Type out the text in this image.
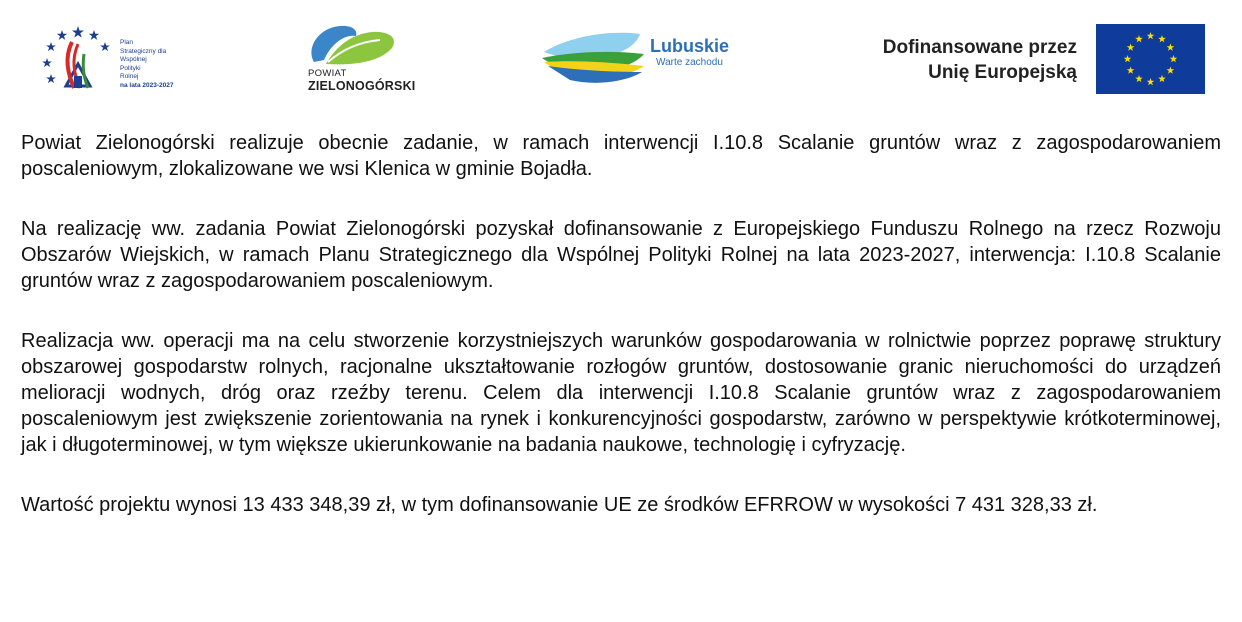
Plan
Strategiczny dla
Wspólnej
Polityki
Rolnej
na lata 2023-2027
POWIAT
ZIELONOGÓRSKI
Lubuskie
Warte zachodu
Dofinansowane przez
Unię Europejską

Powiat Zielonogórski realizuje obecnie zadanie, w ramach interwencji I.10.8 Scalanie gruntów wraz z zagospodarowaniem poscaleniowym, zlokalizowane we wsi Klenica w gminie Bojadła.

Na realizację ww. zadania Powiat Zielonogórski pozyskał dofinansowanie z Europejskiego Funduszu Rolnego na rzecz Rozwoju Obszarów Wiejskich, w ramach Planu Strategicznego dla Wspólnej Polityki Rolnej na lata 2023-2027, interwencja: I.10.8 Scalanie gruntów wraz z zagospodarowaniem poscaleniowym.

Realizacja ww. operacji ma na celu stworzenie korzystniejszych warunków gospodarowania w rolnictwie poprzez poprawę struktury obszarowej gospodarstw rolnych, racjonalne ukształtowanie rozłogów gruntów, dostosowanie granic nieruchomości do urządzeń melioracji wodnych, dróg oraz rzeźby terenu. Celem dla interwencji I.10.8 Scalanie gruntów wraz z zagospodarowaniem poscaleniowym jest zwiększenie zorientowania na rynek i konkurencyjności gospodarstw, zarówno w perspektywie krótkoterminowej, jak i długoterminowej, w tym większe ukierunkowanie na badania naukowe, technologię i cyfryzację.

Wartość projektu wynosi 13 433 348,39 zł, w tym dofinansowanie UE ze środków EFRROW w wysokości 7 431 328,33 zł.
